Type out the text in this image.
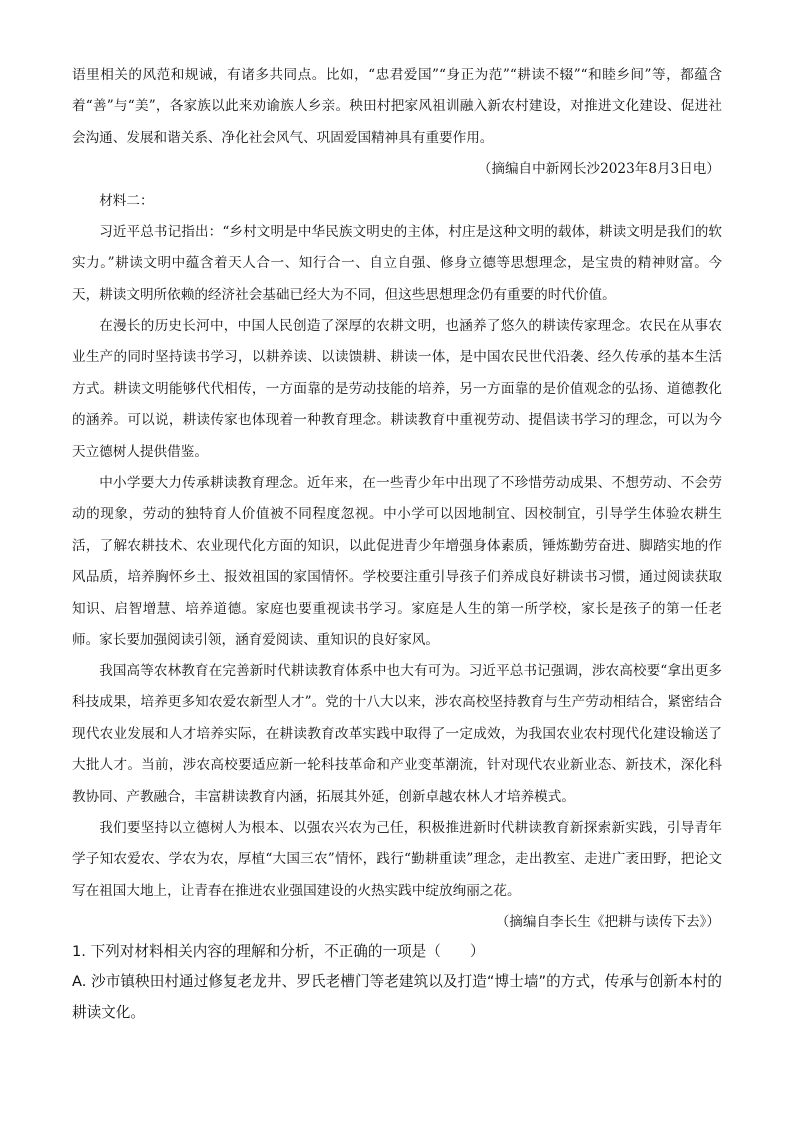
语里相关的风范和规诫，有诸多共同点。比如，“忠君爱国”“身正为范”“耕读不辍”“和睦乡间”等，都蕴含着“善”与“美”，各家族以此来劝谕族人乡亲。秧田村把家风祖训融入新农村建设，对推进文化建设、促进社会沟通、发展和谐关系、净化社会风气、巩固爱国精神具有重要作用。

（摘编自中新网长沙2023年8月3日电）

材料二：

习近平总书记指出：“乡村文明是中华民族文明史的主体，村庄是这种文明的载体，耕读文明是我们的软实力。”耕读文明中蕴含着天人合一、知行合一、自立自强、修身立德等思想理念，是宝贵的精神财富。今天，耕读文明所依赖的经济社会基础已经大为不同，但这些思想理念仍有重要的时代价值。

在漫长的历史长河中，中国人民创造了深厚的农耕文明，也涵养了悠久的耕读传家理念。农民在从事农业生产的同时坚持读书学习，以耕养读、以读馈耕、耕读一体，是中国农民世代沿袭、经久传承的基本生活方式。耕读文明能够代代相传，一方面靠的是劳动技能的培养，另一方面靠的是价值观念的弘扬、道德教化的涵养。可以说，耕读传家也体现着一种教育理念。耕读教育中重视劳动、提倡读书学习的理念，可以为今天立德树人提供借鉴。

中小学要大力传承耕读教育理念。近年来，在一些青少年中出现了不珍惜劳动成果、不想劳动、不会劳动的现象，劳动的独特育人价值被不同程度忽视。中小学可以因地制宜、因校制宜，引导学生体验农耕生活，了解农耕技术、农业现代化方面的知识，以此促进青少年增强身体素质，锤炼勤劳奋进、脚踏实地的作风品质，培养胸怀乡土、报效祖国的家国情怀。学校要注重引导孩子们养成良好耕读书习惯，通过阅读获取知识、启智增慧、培养道德。家庭也要重视读书学习。家庭是人生的第一所学校，家长是孩子的第一任老师。家长要加强阅读引领，涵育爱阅读、重知识的良好家风。

我国高等农林教育在完善新时代耕读教育体系中也大有可为。习近平总书记强调，涉农高校要“拿出更多科技成果，培养更多知农爱农新型人才”。党的十八大以来，涉农高校坚持教育与生产劳动相结合，紧密结合现代农业发展和人才培养实际，在耕读教育改革实践中取得了一定成效，为我国农业农村现代化建设输送了大批人才。当前，涉农高校要适应新一轮科技革命和产业变革潮流，针对现代农业新业态、新技术，深化科教协同、产教融合，丰富耕读教育内涵，拓展其外延，创新卓越农林人才培养模式。

我们要坚持以立德树人为根本、以强农兴农为己任，积极推进新时代耕读教育新探索新实践，引导青年学子知农爱农、学农为农，厚植“大国三农”情怀，践行“勤耕重读”理念，走出教室、走进广袤田野，把论文写在祖国大地上，让青春在推进农业强国建设的火热实践中绽放绚丽之花。

（摘编自李长生《把耕与读传下去》）

1. 下列对材料相关内容的理解和分析，不正确的一项是（　　）

A. 沙市镇秧田村通过修复老龙井、罗氏老槽门等老建筑以及打造“博士墙”的方式，传承与创新本村的耕读文化。
